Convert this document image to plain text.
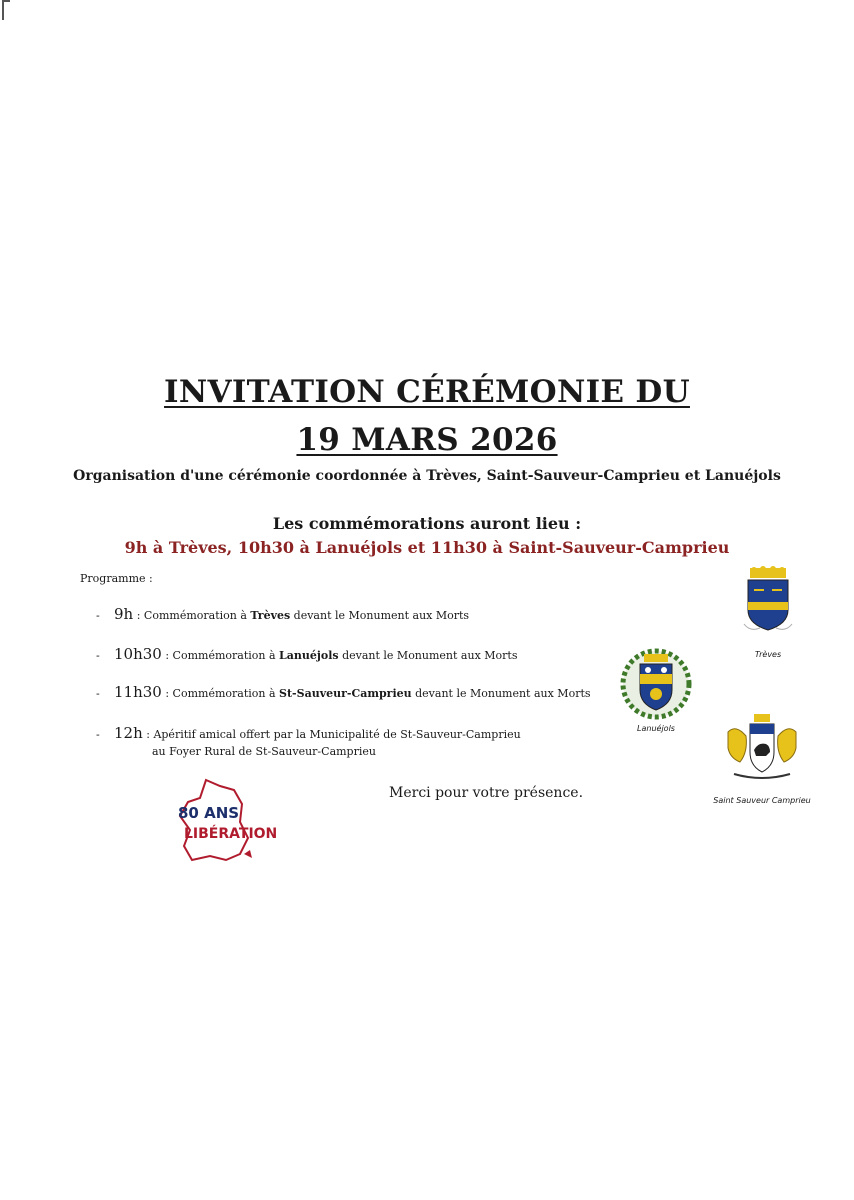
INVITATION CÉRÉMONIE DU
19 MARS 2026
Organisation d'une cérémonie coordonnée à Trèves, Saint-Sauveur-Camprieu et Lanuéjols
Les commémorations auront lieu :
9h à Trèves, 10h30 à Lanuéjols et 11h30 à Saint-Sauveur-Camprieu
Programme :
- 9h : Commémoration à Trèves devant le Monument aux Morts
- 10h30 : Commémoration à Lanuéjols devant le Monument aux Morts
- 11h30 : Commémoration à St-Sauveur-Camprieu devant le Monument aux Morts
- 12h : Apéritif amical offert par la Municipalité de St-Sauveur-Camprieu
au Foyer Rural de St-Sauveur-Camprieu
Merci pour votre présence.
Trèves
Lanuéjols
Saint Sauveur Camprieu
80 ANS
LIBÉRATION
